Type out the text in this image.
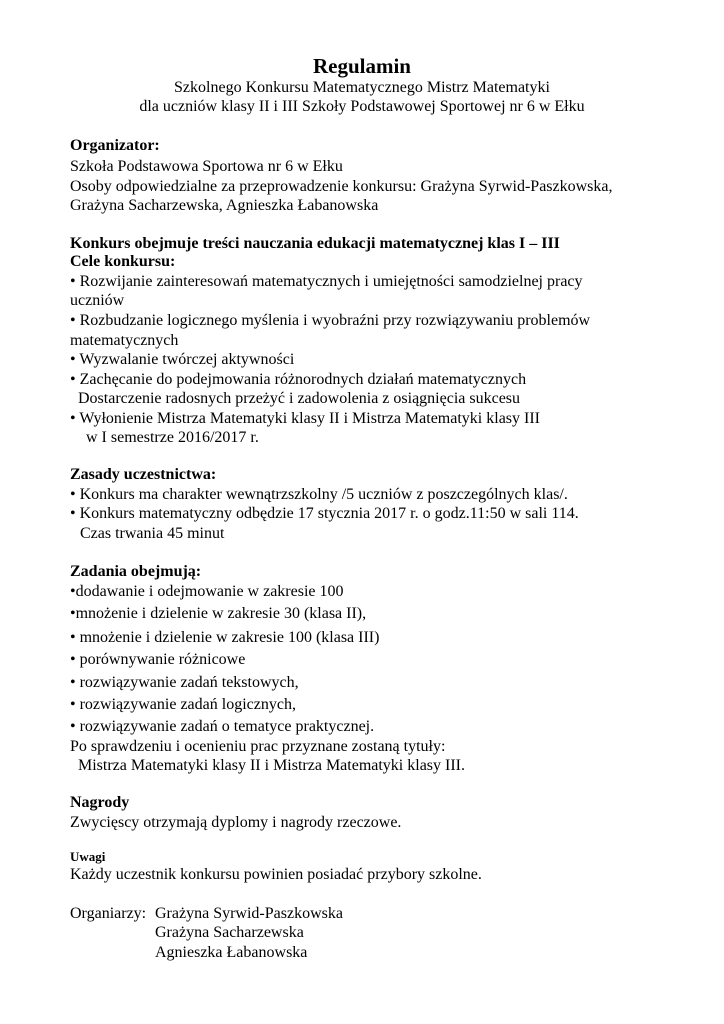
Regulamin
Szkolnego Konkursu Matematycznego Mistrz Matematyki
dla uczniów klasy II i III Szkoły Podstawowej Sportowej nr 6 w Ełku
Organizator:
Szkoła Podstawowa Sportowa nr 6 w Ełku
Osoby odpowiedzialne za przeprowadzenie konkursu: Grażyna Syrwid-Paszkowska,
Grażyna Sacharzewska, Agnieszka Łabanowska
Konkurs obejmuje treści nauczania edukacji matematycznej klas I – III
Cele konkursu:
• Rozwijanie zainteresowań matematycznych i umiejętności samodzielnej pracy
uczniów
• Rozbudzanie logicznego myślenia i wyobraźni przy rozwiązywaniu problemów
matematycznych
• Wyzwalanie twórczej aktywności
• Zachęcanie do podejmowania różnorodnych działań matematycznych
Dostarczenie radosnych przeżyć i zadowolenia z osiągnięcia sukcesu
• Wyłonienie Mistrza Matematyki klasy II i Mistrza Matematyki klasy III
w I semestrze 2016/2017 r.
Zasady uczestnictwa:
• Konkurs ma charakter wewnątrzszkolny /5 uczniów z poszczególnych klas/.
• Konkurs matematyczny odbędzie 17 stycznia 2017 r. o godz.11:50 w sali 114.
Czas trwania 45 minut
Zadania obejmują:
•dodawanie i odejmowanie w zakresie 100
•mnożenie i dzielenie w zakresie 30 (klasa II),
• mnożenie i dzielenie w zakresie 100 (klasa III)
• porównywanie różnicowe
• rozwiązywanie zadań tekstowych,
• rozwiązywanie zadań logicznych,
• rozwiązywanie zadań o tematyce praktycznej.
Po sprawdzeniu i ocenieniu prac przyznane zostaną tytuły:
Mistrza Matematyki klasy II i Mistrza Matematyki klasy III.
Nagrody
Zwycięscy otrzymają dyplomy i nagrody rzeczowe.
Uwagi
Każdy uczestnik konkursu powinien posiadać przybory szkolne.
Organiarzy: Grażyna Syrwid-Paszkowska
Grażyna Sacharzewska
Agnieszka Łabanowska
